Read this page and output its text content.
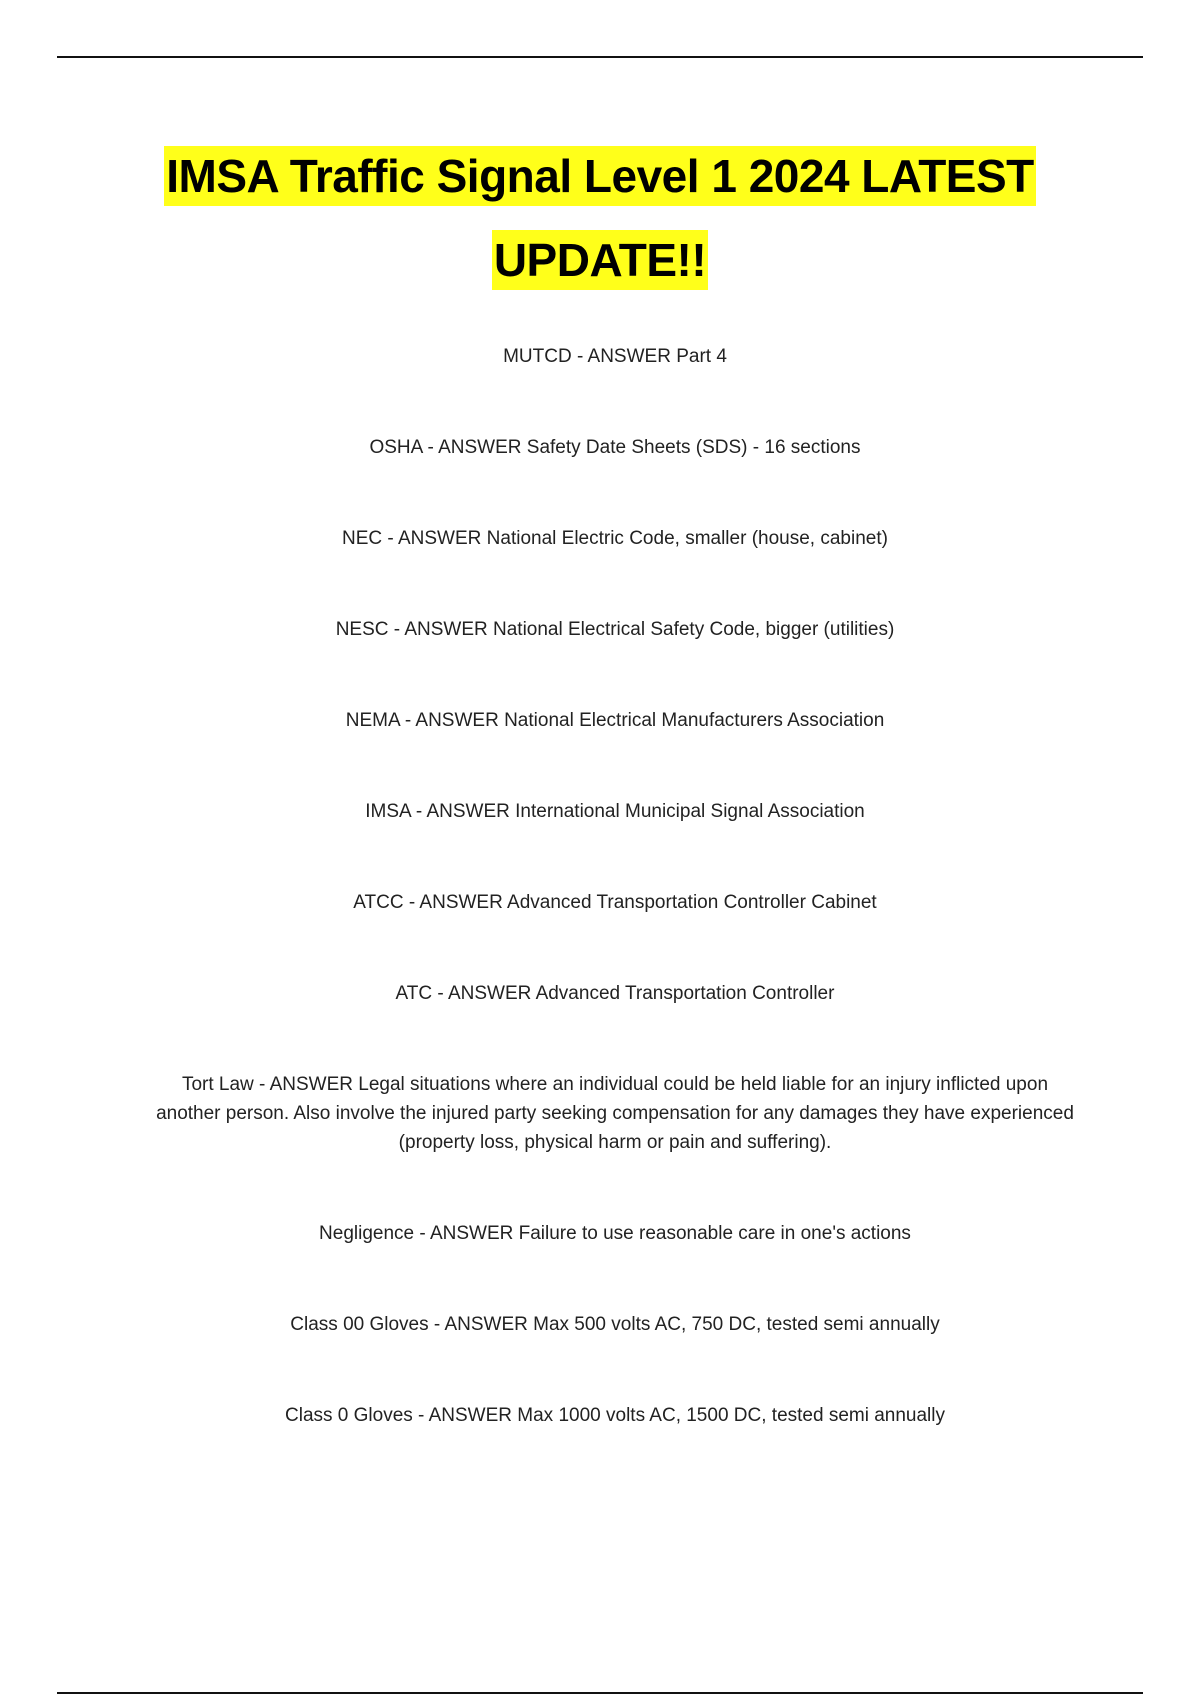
IMSA Traffic Signal Level 1 2024 LATEST UPDATE!!
MUTCD - ANSWER Part 4
OSHA - ANSWER Safety Date Sheets (SDS) - 16 sections
NEC - ANSWER National Electric Code, smaller (house, cabinet)
NESC - ANSWER National Electrical Safety Code, bigger (utilities)
NEMA - ANSWER National Electrical Manufacturers Association
IMSA - ANSWER International Municipal Signal Association
ATCC - ANSWER Advanced Transportation Controller Cabinet
ATC - ANSWER Advanced Transportation Controller
Tort Law - ANSWER Legal situations where an individual could be held liable for an injury inflicted upon another person. Also involve the injured party seeking compensation for any damages they have experienced (property loss, physical harm or pain and suffering).
Negligence - ANSWER Failure to use reasonable care in one's actions
Class 00 Gloves - ANSWER Max 500 volts AC, 750 DC, tested semi annually
Class 0 Gloves - ANSWER Max 1000 volts AC, 1500 DC, tested semi annually
